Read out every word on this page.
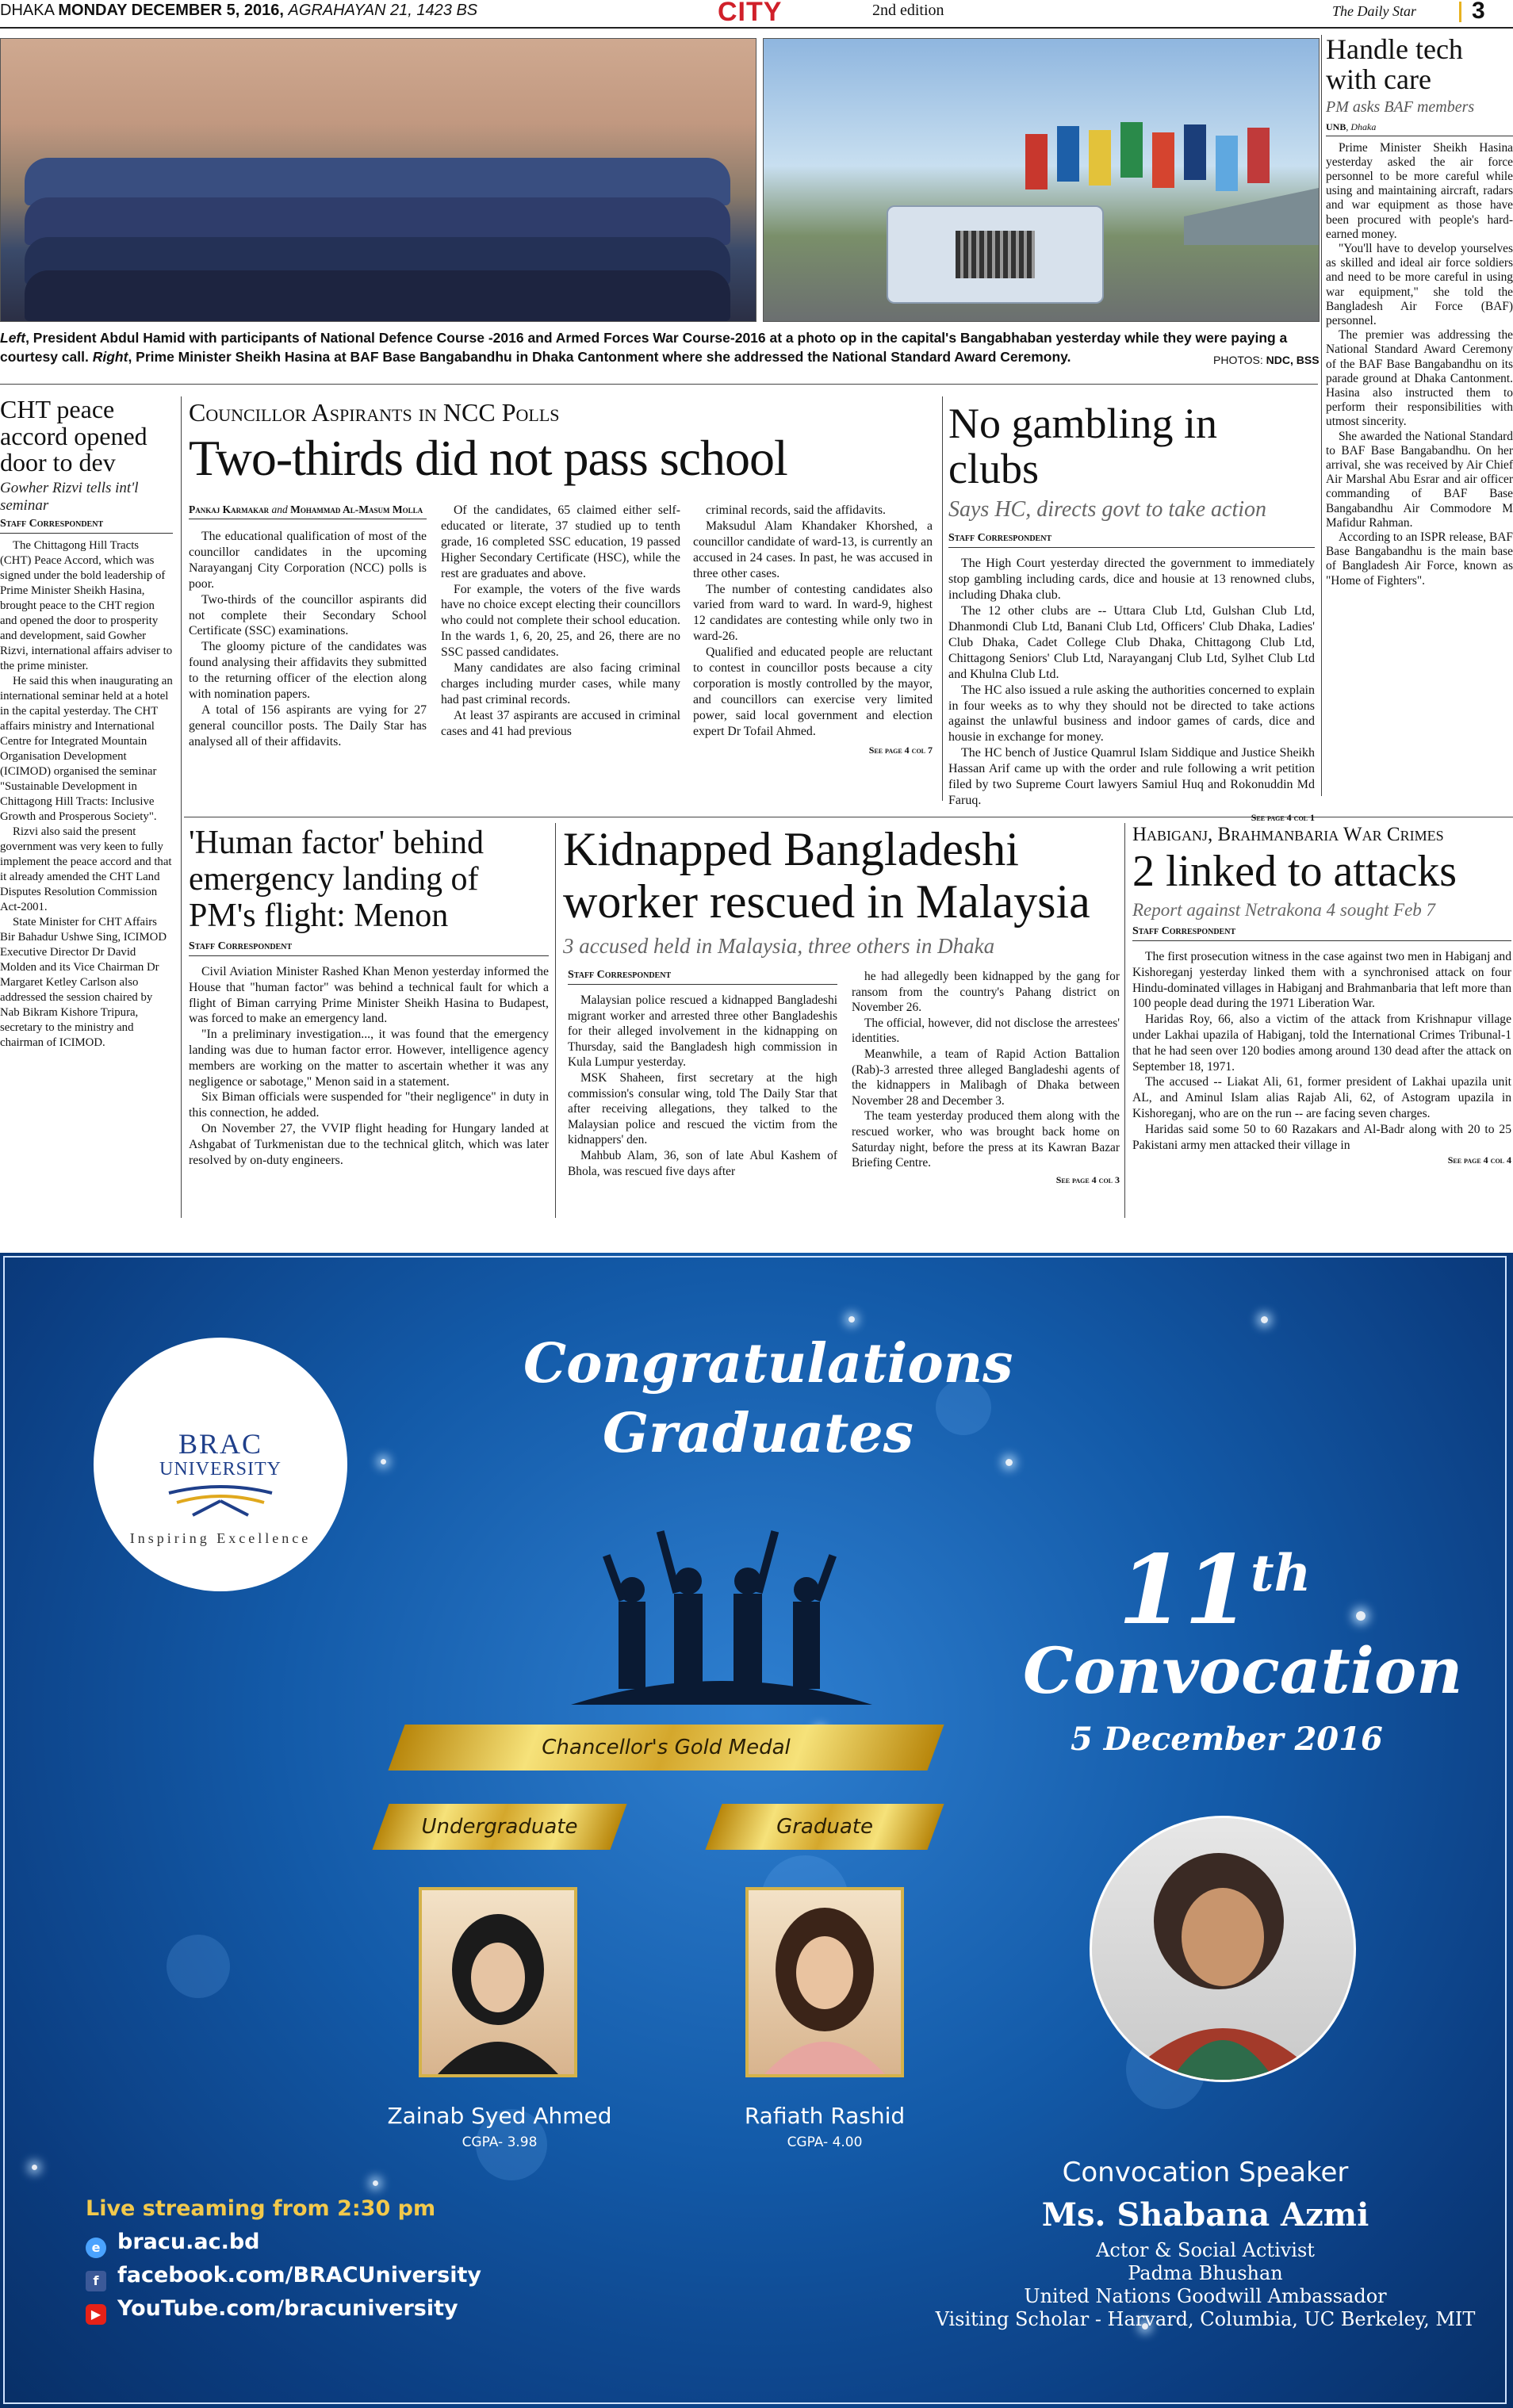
DHAKA MONDAY DECEMBER 5, 2016, AGRAHAYAN 21, 1423 BS	CITY	2nd edition	The Daily Star 3
Left, President Abdul Hamid with participants of National Defence Course -2016 and Armed Forces War Course-2016 at a photo op in the capital's Bangabhaban yesterday while they were paying a courtesy call. Right, Prime Minister Sheikh Hasina at BAF Base Bangabandhu in Dhaka Cantonment where she addressed the National Standard Award Ceremony.	PHOTOS: NDC, BSS
Handle tech with care
PM asks BAF members
UNB, Dhaka

Prime Minister Sheikh Hasina yesterday asked the air force personnel to be more careful while using and maintaining aircraft, radars and war equipment as those have been procured with people's hard-earned money.

"You'll have to develop yourselves as skilled and ideal air force soldiers and need to be more careful in using war equipment," she told the Bangladesh Air Force (BAF) personnel.

The premier was addressing the National Standard Award Ceremony of the BAF Base Bangabandhu on its parade ground at Dhaka Cantonment. Hasina also instructed them to perform their responsibilities with utmost sincerity.

She awarded the National Standard to BAF Base Bangabandhu. On her arrival, she was received by Air Chief Air Marshal Abu Esrar and air officer commanding of BAF Base Bangabandhu Air Commodore M Mafidur Rahman.

According to an ISPR release, BAF Base Bangabandhu is the main base of Bangladesh Air Force, known as "Home of Fighters".

CHT peace accord opened door to dev
Gowher Rizvi tells int'l seminar
Staff Correspondent

The Chittagong Hill Tracts (CHT) Peace Accord, which was signed under the bold leadership of Prime Minister Sheikh Hasina, brought peace to the CHT region and opened the door to prosperity and development, said Gowher Rizvi, international affairs adviser to the prime minister.

He said this when inaugurating an international seminar held at a hotel in the capital yesterday. The CHT affairs ministry and International Centre for Integrated Mountain Organisation Development (ICIMOD) organised the seminar "Sustainable Development in Chittagong Hill Tracts: Inclusive Growth and Prosperous Society".

Rizvi also said the present government was very keen to fully implement the peace accord and that it already amended the CHT Land Disputes Resolution Commission Act-2001.

State Minister for CHT Affairs Bir Bahadur Ushwe Sing, ICIMOD Executive Director Dr David Molden and its Vice Chairman Dr Margaret Ketley Carlson also addressed the session chaired by Nab Bikram Kishore Tripura, secretary to the ministry and chairman of ICIMOD.

Councillor Aspirants in NCC Polls
Two-thirds did not pass school
Pankaj Karmakar and Mohammad Al-Masum Molla

The educational qualification of most of the councillor candidates in the upcoming Narayanganj City Corporation (NCC) polls is poor.

Two-thirds of the councillor aspirants did not complete their Secondary School Certificate (SSC) examinations.

The gloomy picture of the candidates was found analysing their affidavits they submitted to the returning officer of the election along with nomination papers.

A total of 156 aspirants are vying for 27 general councillor posts. The Daily Star has analysed all of their affidavits.

Of the candidates, 65 claimed either self-educated or literate, 37 studied up to tenth grade, 16 completed SSC education, 19 passed Higher Secondary Certificate (HSC), while the rest are graduates and above.

For example, the voters of the five wards have no choice except electing their councillors who could not complete their school education. In the wards 1, 6, 20, 25, and 26, there are no SSC passed candidates.

Many candidates are also facing criminal charges including murder cases, while many had past criminal records.

At least 37 aspirants are accused in criminal cases and 41 had previous

criminal records, said the affidavits.

Maksudul Alam Khandaker Khorshed, a councillor candidate of ward-13, is currently an accused in 24 cases. In past, he was accused in three other cases.

The number of contesting candidates also varied from ward to ward. In ward-9, highest 12 candidates are contesting while only two in ward-26.

Qualified and educated people are reluctant to contest in councillor posts because a city corporation is mostly controlled by the mayor, and councillors can exercise very limited power, said local government and election expert Dr Tofail Ahmed.

See page 4 col 7
No gambling in clubs
Says HC, directs govt to take action
Staff Correspondent

The High Court yesterday directed the government to immediately stop gambling including cards, dice and housie at 13 renowned clubs, including Dhaka club.

The 12 other clubs are -- Uttara Club Ltd, Gulshan Club Ltd, Dhanmondi Club Ltd, Banani Club Ltd, Officers' Club Dhaka, Ladies' Club Dhaka, Cadet College Club Dhaka, Chittagong Club Ltd, Chittagong Seniors' Club Ltd, Narayanganj Club Ltd, Sylhet Club Ltd and Khulna Club Ltd.

The HC also issued a rule asking the authorities concerned to explain in four weeks as to why they should not be directed to take actions against the unlawful business and indoor games of cards, dice and housie in exchange for money.

The HC bench of Justice Quamrul Islam Siddique and Justice Sheikh Hassan Arif came up with the order and rule following a writ petition filed by two Supreme Court lawyers Samiul Huq and Rokonuddin Md Faruq.

See page 4 col 1
'Human factor' behind emergency landing of PM's flight: Menon
Staff Correspondent

Civil Aviation Minister Rashed Khan Menon yesterday informed the House that "human factor" was behind a technical fault for which a flight of Biman carrying Prime Minister Sheikh Hasina to Budapest, was forced to make an emergency land.

"In a preliminary investigation..., it was found that the emergency landing was due to human factor error. However, intelligence agency members are working on the matter to ascertain whether it was any negligence or sabotage," Menon said in a statement.

Six Biman officials were suspended for "their negligence" in duty in this connection, he added.

On November 27, the VVIP flight heading for Hungary landed at Ashgabat of Turkmenistan due to the technical glitch, which was later resolved by on-duty engineers.

Kidnapped Bangladeshi worker rescued in Malaysia
3 accused held in Malaysia, three others in Dhaka
Staff Correspondent

Malaysian police rescued a kidnapped Bangladeshi migrant worker and arrested three other Bangladeshis for their alleged involvement in the kidnapping on Thursday, said the Bangladesh high commission in Kula Lumpur yesterday.

MSK Shaheen, first secretary at the high commission's consular wing, told The Daily Star that after receiving allegations, they talked to the Malaysian police and rescued the victim from the kidnappers' den.

Mahbub Alam, 36, son of late Abul Kashem of Bhola, was rescued five days after

he had allegedly been kidnapped by the gang for ransom from the country's Pahang district on November 26.

The official, however, did not disclose the arrestees' identities.

Meanwhile, a team of Rapid Action Battalion (Rab)-3 arrested three alleged Bangladeshi agents of the kidnappers in Malibagh of Dhaka between November 28 and December 3.

The team yesterday produced them along with the rescued worker, who was brought back home on Saturday night, before the press at its Kawran Bazar Briefing Centre.

See page 4 col 3
Habiganj, Brahmanbaria War Crimes
2 linked to attacks
Report against Netrakona 4 sought Feb 7
Staff Correspondent

The first prosecution witness in the case against two men in Habiganj and Kishoreganj yesterday linked them with a synchronised attack on four Hindu-dominated villages in Habiganj and Brahmanbaria that left more than 100 people dead during the 1971 Liberation War.

Haridas Roy, 66, also a victim of the attack from Krishnapur village under Lakhai upazila of Habiganj, told the International Crimes Tribunal-1 that he had seen over 120 bodies among around 130 dead after the attack on September 18, 1971.

The accused -- Liakat Ali, 61, former president of Lakhai upazila unit AL, and Aminul Islam alias Rajab Ali, 62, of Astogram upazila in Kishoreganj, who are on the run -- are facing seven charges.

Haridas said some 50 to 60 Razakars and Al-Badr along with 20 to 25 Pakistani army men attacked their village in

See page 4 col 4
Congratulations
Graduates
Chancellor's Gold Medal
Undergraduate	Graduate
Zainab Syed Ahmed
CGPA- 3.98
Rafiath Rashid
CGPA- 4.00
11th
Convocation
5 December 2016
Convocation Speaker
Ms. Shabana Azmi
Actor & Social Activist
Padma Bhushan
United Nations Goodwill Ambassador
Visiting Scholar - Harvard, Columbia, UC Berkeley, MIT
Live streaming from 2:30 pm
e bracu.ac.bd
f facebook.com/BRACUniversity
▶ YouTube.com/bracuniversity
BRAC
UNIVERSITY
Inspiring Excellence
